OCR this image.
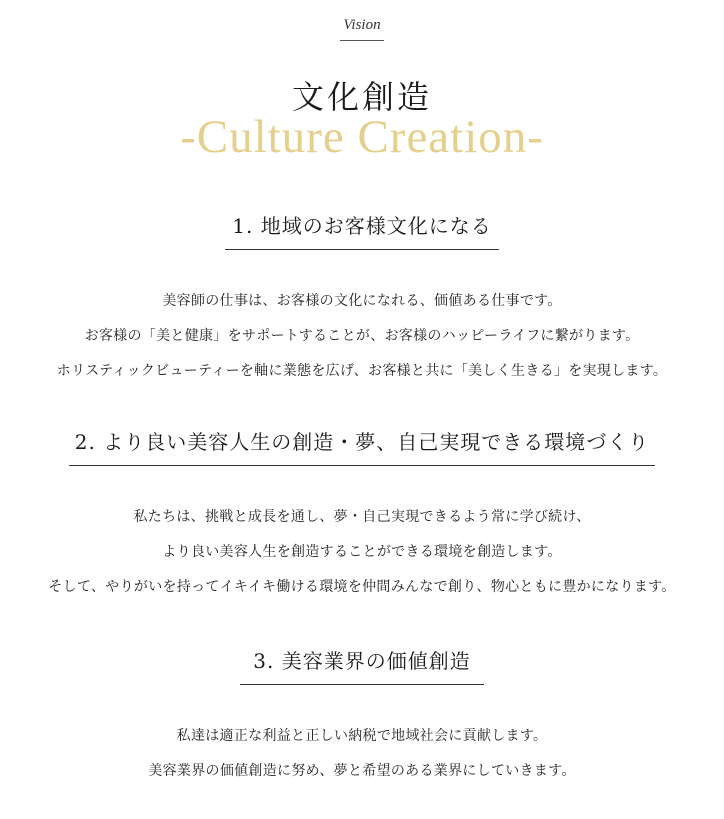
Vision
文化創造
-Culture Creation-
1. 地域のお客様文化になる

美容師の仕事は、お客様の文化になれる、価値ある仕事です。

お客様の「美と健康」をサポートすることが、お客様のハッピーライフに繋がります。

ホリスティックビューティーを軸に業態を広げ、お客様と共に「美しく生きる」を実現します。

2. より良い美容人生の創造・夢、自己実現できる環境づくり

私たちは、挑戦と成長を通し、夢・自己実現できるよう常に学び続け、

より良い美容人生を創造することができる環境を創造します。

そして、やりがいを持ってイキイキ働ける環境を仲間みんなで創り、物心ともに豊かになります。

3. 美容業界の価値創造

私達は適正な利益と正しい納税で地域社会に貢献します。

美容業界の価値創造に努め、夢と希望のある業界にしていきます。
